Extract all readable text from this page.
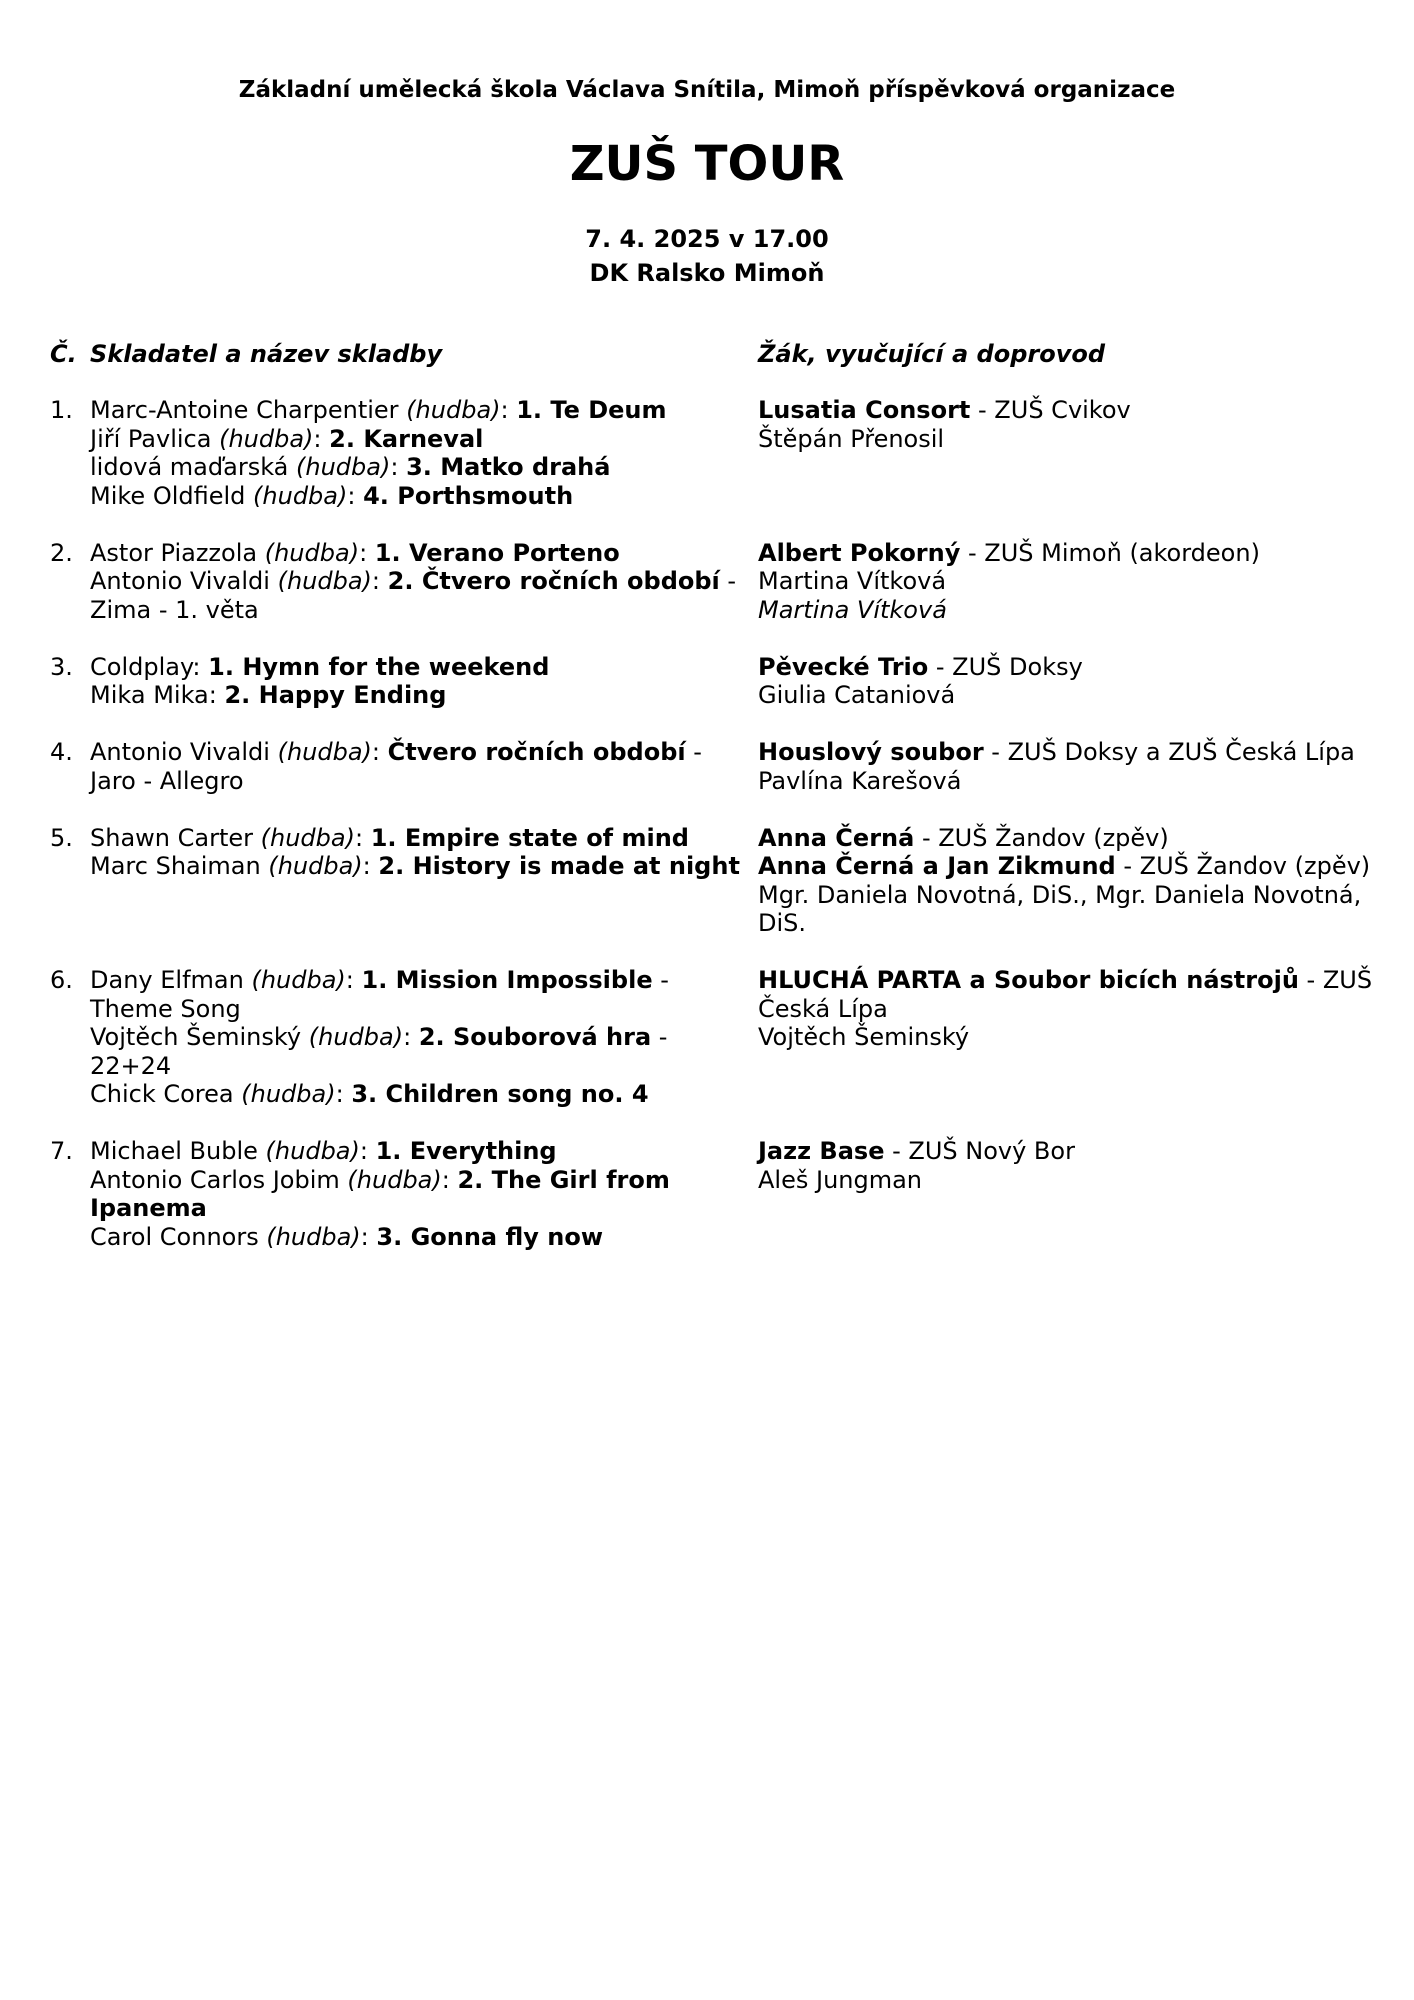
Základní umělecká škola Václava Snítila, Mimoň příspěvková organizace
ZUŠ TOUR
7. 4. 2025 v 17.00
DK Ralsko Mimoň
Č. Skladatel a název skladby	Žák, vyučující a doprovod
1. Marc-Antoine Charpentier (hudba): 1. Te Deum
Jiří Pavlica (hudba): 2. Karneval
lidová maďarská (hudba): 3. Matko drahá
Mike Oldfield (hudba): 4. Porthsmouth
Lusatia Consort - ZUŠ Cvikov
Štěpán Přenosil
2. Astor Piazzola (hudba): 1. Verano Porteno
Antonio Vivaldi (hudba): 2. Čtvero ročních období - Zima - 1. věta
Albert Pokorný - ZUŠ Mimoň (akordeon)
Martina Vítková
Martina Vítková
3. Coldplay: 1. Hymn for the weekend
Mika Mika: 2. Happy Ending
Pěvecké Trio - ZUŠ Doksy
Giulia Cataniová
4. Antonio Vivaldi (hudba): Čtvero ročních období - Jaro - Allegro
Houslový soubor - ZUŠ Doksy a ZUŠ Česká Lípa
Pavlína Karešová
5. Shawn Carter (hudba): 1. Empire state of mind
Marc Shaiman (hudba): 2. History is made at night
Anna Černá - ZUŠ Žandov (zpěv)
Anna Černá a Jan Zikmund - ZUŠ Žandov (zpěv)
Mgr. Daniela Novotná, DiS., Mgr. Daniela Novotná, DiS.
6. Dany Elfman (hudba): 1. Mission Impossible - Theme Song
Vojtěch Šeminský (hudba): 2. Souborová hra - 22+24
Chick Corea (hudba): 3. Children song no. 4
HLUCHÁ PARTA a Soubor bicích nástrojů - ZUŠ Česká Lípa
Vojtěch Šeminský
7. Michael Buble (hudba): 1. Everything
Antonio Carlos Jobim (hudba): 2. The Girl from Ipanema
Carol Connors (hudba): 3. Gonna fly now
Jazz Base - ZUŠ Nový Bor
Aleš Jungman
